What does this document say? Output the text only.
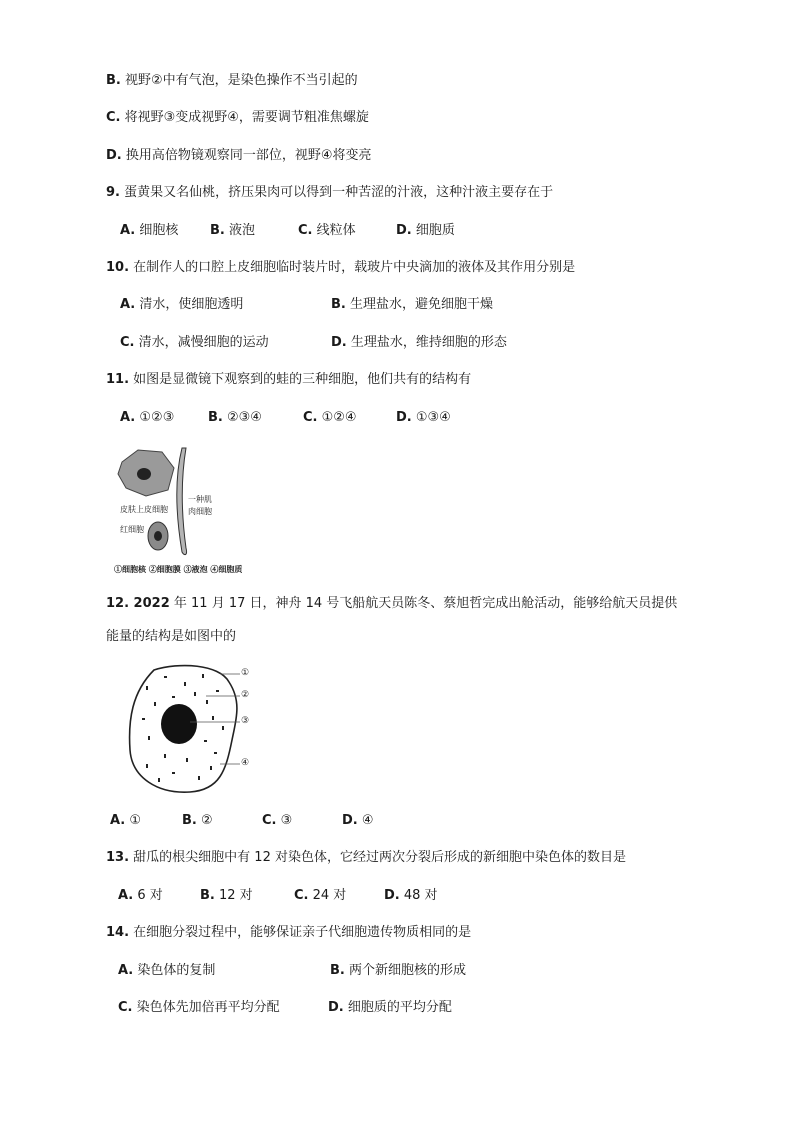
B. 视野②中有气泡，是染色操作不当引起的
C. 将视野③变成视野④，需要调节粗准焦螺旋
D. 换用高倍物镜观察同一部位，视野④将变亮
9. 蛋黄果又名仙桃，挤压果肉可以得到一种苦涩的汁液，这种汁液主要存在于
A. 细胞核 B. 液泡	C. 线粒体	D. 细胞质
10. 在制作人的口腔上皮细胞临时装片时，载玻片中央滴加的液体及其作用分别是
A. 清水，使细胞透明	B. 生理盐水，避免细胞干燥
C. 清水，减慢细胞的运动	D. 生理盐水，维持细胞的形态
11. 如图是显微镜下观察到的蛙的三种细胞，他们共有的结构有
A. ①②③	B. ②③④	C. ①②④	D. ①③④
皮肤上皮细胞
一种肌
肉细胞
红细胞
①细胞核 ②细胞膜 ③液泡 ④细胞质
12. 2022 年 11 月 17 日，神舟 14 号飞船航天员陈冬、蔡旭哲完成出舱活动，能够给航天员提供
能量的结构是如图中的
①
②
③
④
A. ①	B. ②	C. ③	D. ④
13. 甜瓜的根尖细胞中有 12 对染色体，它经过两次分裂后形成的新细胞中染色体的数目是
A. 6 对	B. 12 对	C. 24 对	D. 48 对
14. 在细胞分裂过程中，能够保证亲子代细胞遗传物质相同的是
A. 染色体的复制	B. 两个新细胞核的形成
C. 染色体先加倍再平均分配	D. 细胞质的平均分配
